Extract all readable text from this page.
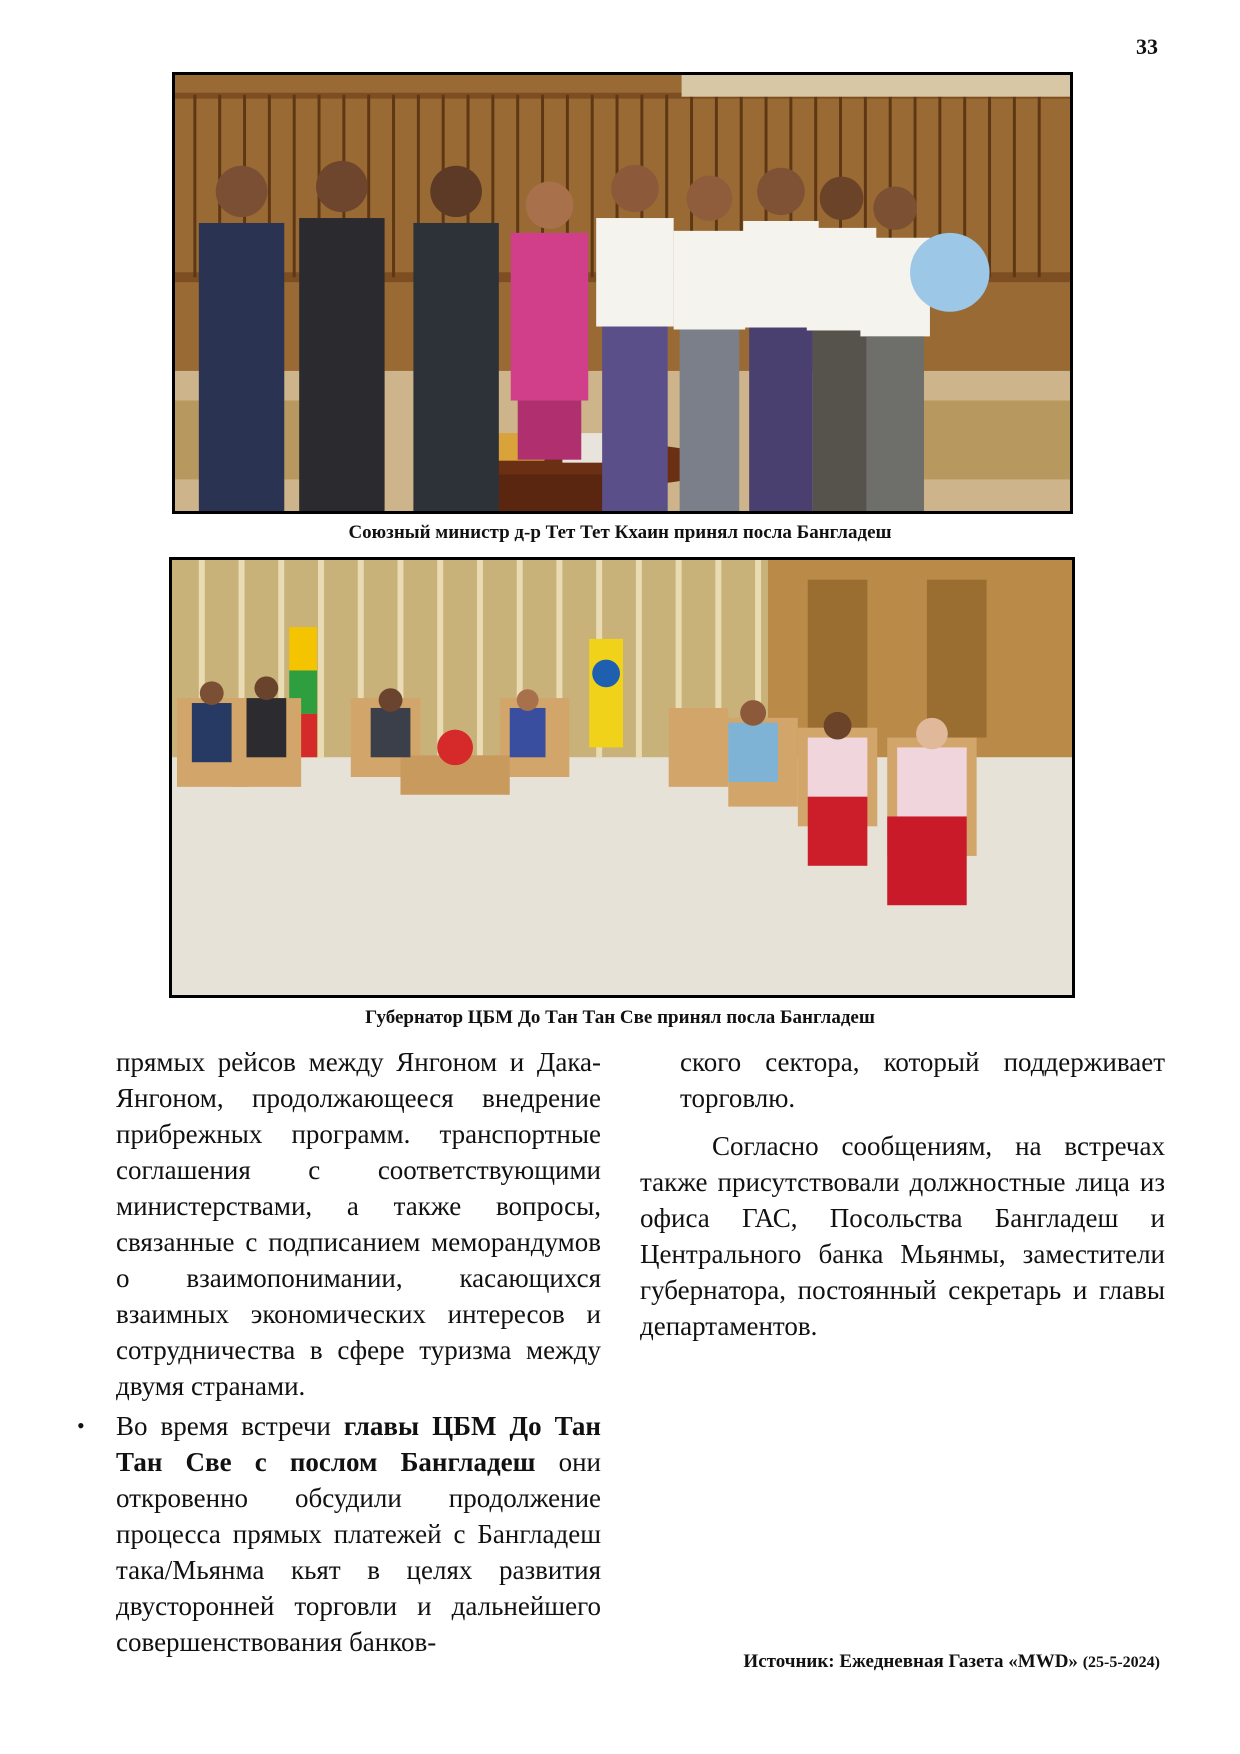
33
Союзный министр д-р Тет Тет Кхаин принял посла Бангладеш
Губернатор ЦБМ До Тан Тан Све принял посла Бангладеш

прямых рейсов между Янгоном и Дака-Янгоном, продолжающееся внедрение прибрежных программ. транспортные соглашения с соответствующими министерствами, а также вопросы, связанные с подписанием меморандумов о взаимопонимании, касающихся взаимных экономических интересов и сотрудничества в сфере туризма между двумя странами.

• Во время встречи главы ЦБМ До Тан Тан Све с послом Бангладеш они откровенно обсудили продолжение процесса прямых платежей с Бангладеш така/Мьянма кьят в целях развития двусторонней торговли и дальнейшего совершенствования банков-

ского сектора, который поддерживает торговлю.

Согласно сообщениям, на встречах также присутствовали должностные лица из офиса ГАС, Посольства Бангладеш и Центрального банка Мьянмы, заместители губернатора, постоянный секретарь и главы департаментов.

Источник: Ежедневная Газета «MWD» (25-5-2024)
